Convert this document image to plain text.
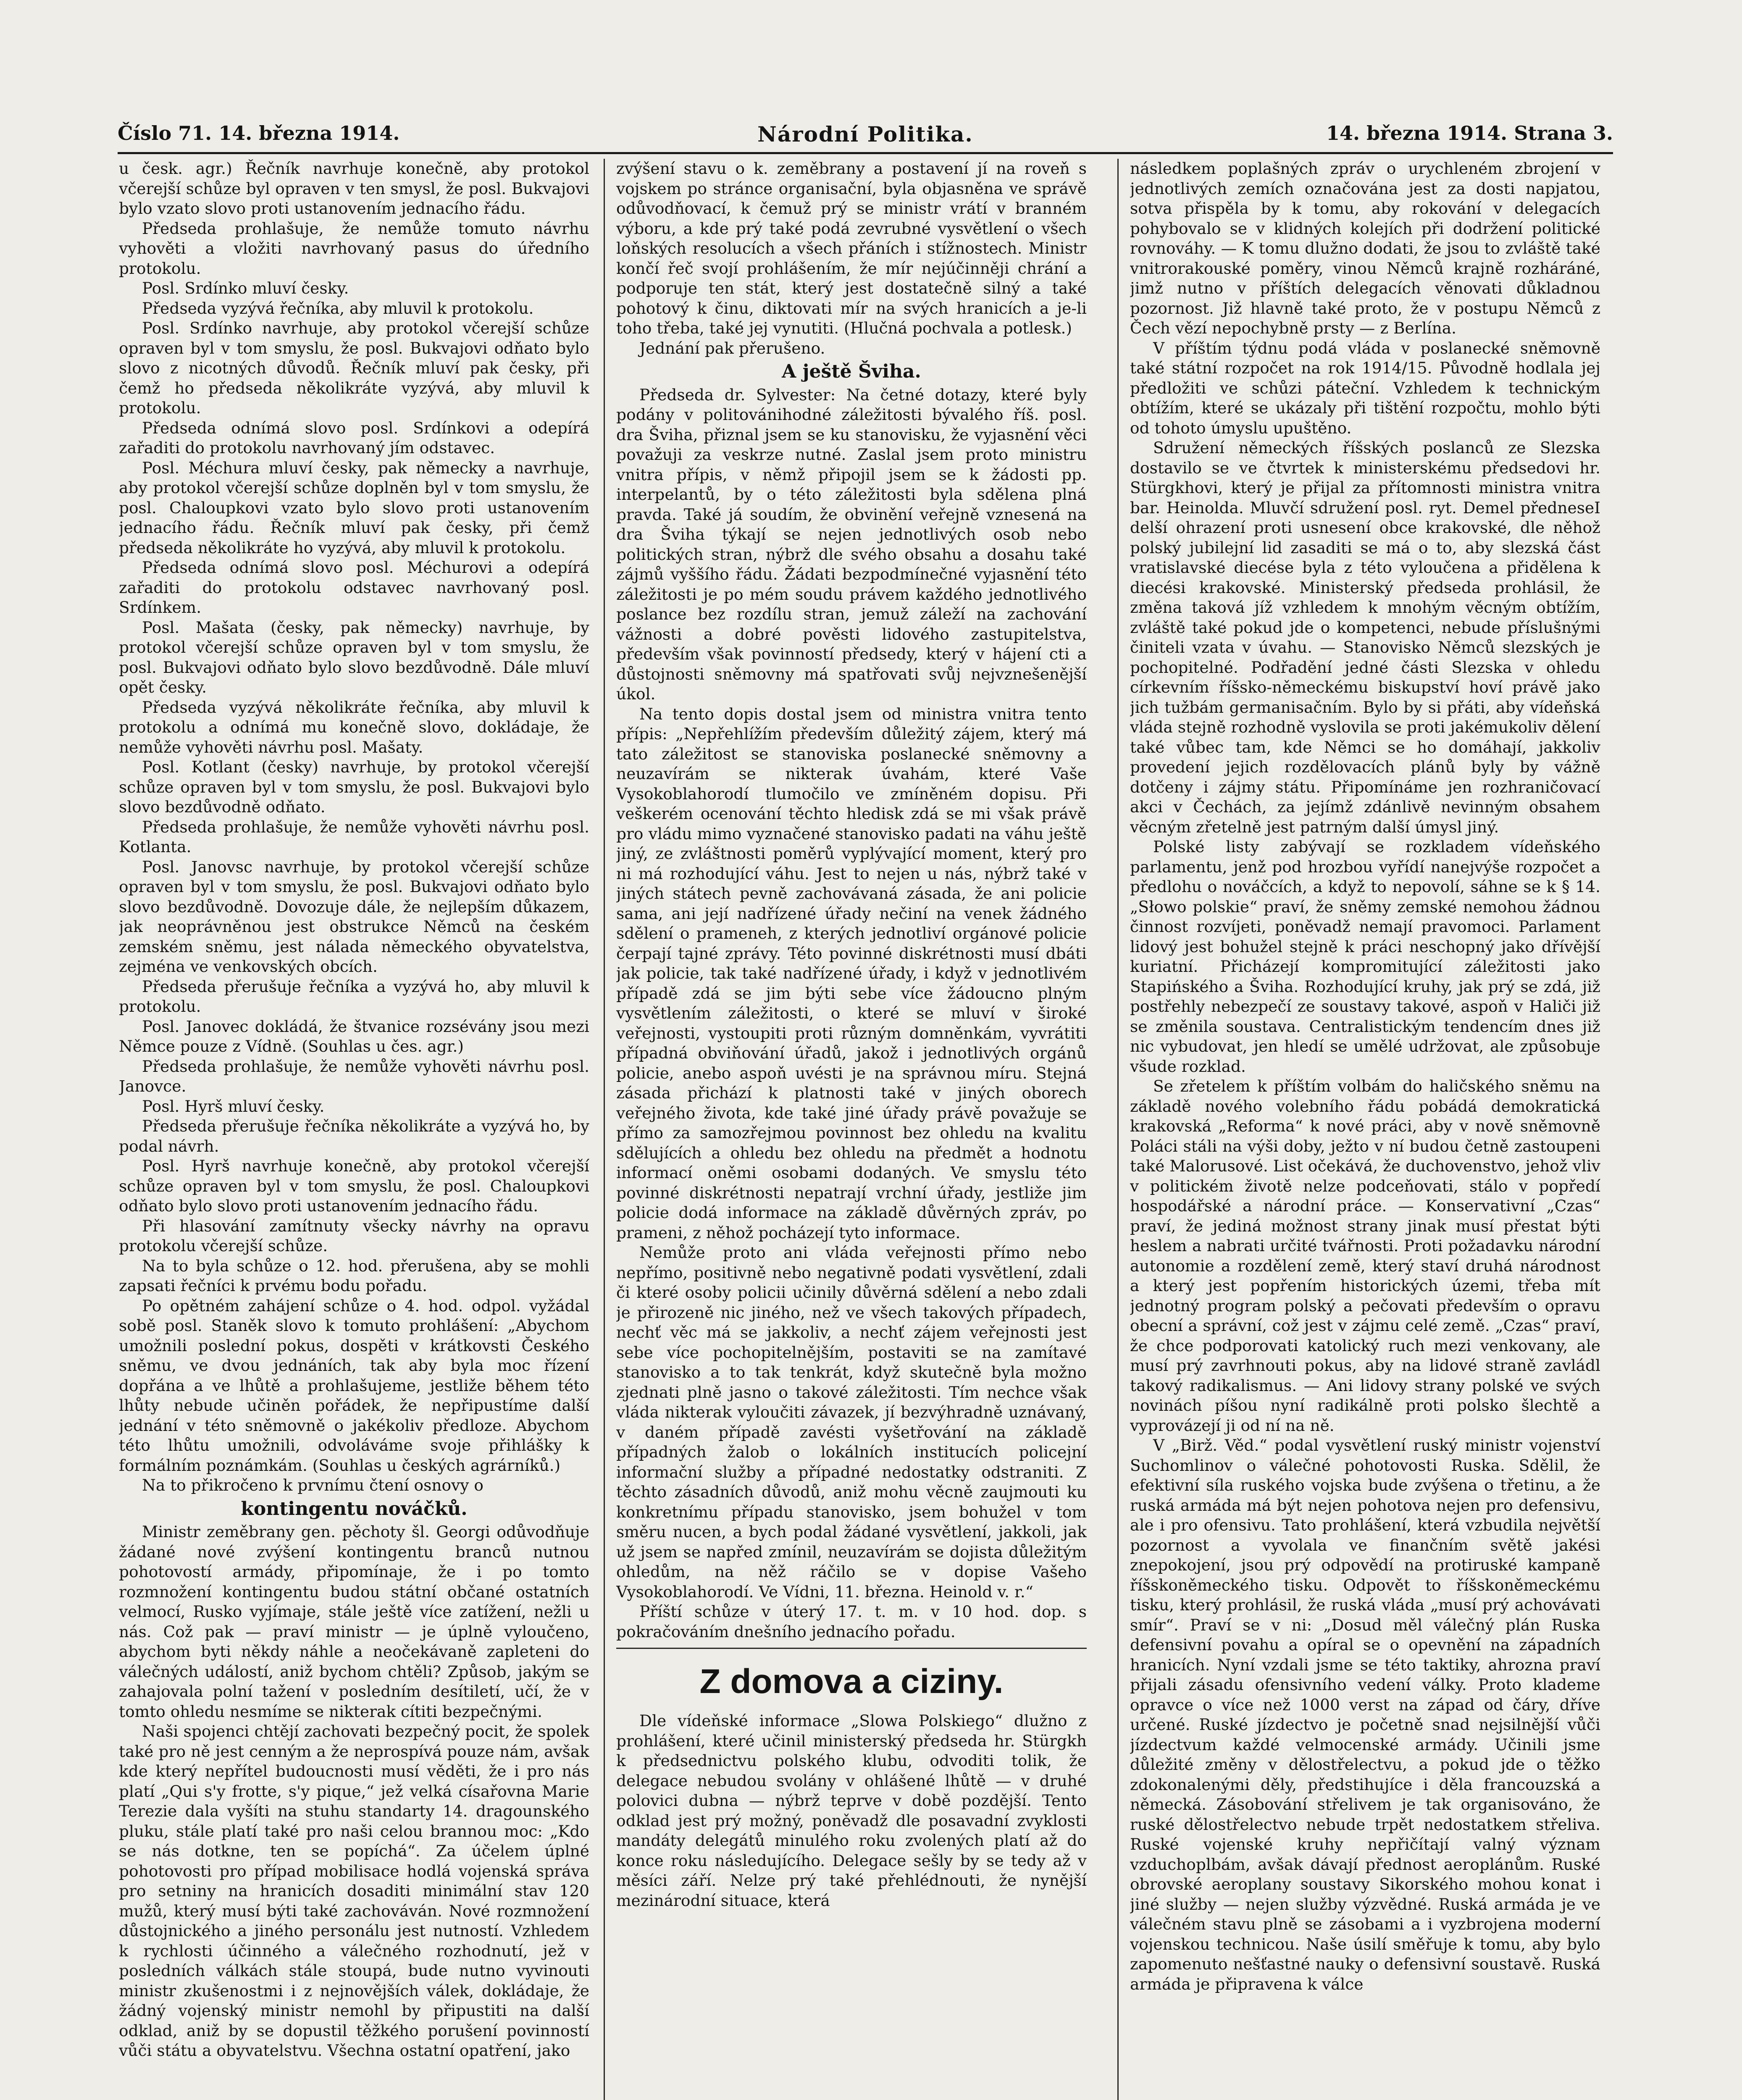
Číslo 71. 14. března 1914.	Národní Politika.	14. března 1914. Strana 3.

u česk. agr.) Řečník navrhuje konečně, aby protokol včerejší schůze byl opraven v ten smysl, že posl. Bukvajovi bylo vzato slovo proti ustanovením jednacího řádu.

Předseda prohlašuje, že nemůže tomuto návrhu vyhověti a vložiti navrhovaný pasus do úředního protokolu.

Posl. Srdínko mluví česky.

Předseda vyzývá řečníka, aby mluvil k protokolu.

Posl. Srdínko navrhuje, aby protokol včerejší schůze opraven byl v tom smyslu, že posl. Bukvajovi odňato bylo slovo z nicotných důvodů. Řečník mluví pak česky, při čemž ho předseda několikráte vyzývá, aby mluvil k protokolu.

Předseda odnímá slovo posl. Srdínkovi a odepírá zařaditi do protokolu navrhovaný jím odstavec.

Posl. Méchura mluví česky, pak německy a navrhuje, aby protokol včerejší schůze doplněn byl v tom smyslu, že posl. Chaloupkovi vzato bylo slovo proti ustanovením jednacího řádu. Řečník mluví pak česky, při čemž předseda několikráte ho vyzývá, aby mluvil k protokolu.

Předseda odnímá slovo posl. Méchurovi a odepírá zařaditi do protokolu odstavec navrhovaný posl. Srdínkem.

Posl. Mašata (česky, pak německy) navrhuje, by protokol včerejší schůze opraven byl v tom smyslu, že posl. Bukvajovi odňato bylo slovo bezdůvodně. Dále mluví opět česky.

Předseda vyzývá několikráte řečníka, aby mluvil k protokolu a odnímá mu konečně slovo, dokládaje, že nemůže vyhověti návrhu posl. Mašaty.

Posl. Kotlant (česky) navrhuje, by protokol včerejší schůze opraven byl v tom smyslu, že posl. Bukvajovi bylo slovo bezdůvodně odňato.

Předseda prohlašuje, že nemůže vyhověti návrhu posl. Kotlanta.

Posl. Janovsc navrhuje, by protokol včerejší schůze opraven byl v tom smyslu, že posl. Bukvajovi odňato bylo slovo bezdůvodně. Dovozuje dále, že nejlepším důkazem, jak neoprávněnou jest obstrukce Němců na českém zemském sněmu, jest nálada německého obyvatelstva, zejména ve venkovských obcích.

Předseda přerušuje řečníka a vyzývá ho, aby mluvil k protokolu.

Posl. Janovec dokládá, že štvanice rozsévány jsou mezi Němce pouze z Vídně. (Souhlas u čes. agr.)

Předseda prohlašuje, že nemůže vyhověti návrhu posl. Janovce.

Posl. Hyrš mluví česky.

Předseda přerušuje řečníka několikráte a vyzývá ho, by podal návrh.

Posl. Hyrš navrhuje konečně, aby protokol včerejší schůze opraven byl v tom smyslu, že posl. Chaloupkovi odňato bylo slovo proti ustanovením jednacího řádu.

Při hlasování zamítnuty všecky návrhy na opravu protokolu včerejší schůze.

Na to byla schůze o 12. hod. přerušena, aby se mohli zapsati řečníci k prvému bodu pořadu.

Po opětném zahájení schůze o 4. hod. odpol. vyžádal sobě posl. Staněk slovo k tomuto prohlášení: „Abychom umožnili poslední pokus, dospěti v krátkovsti Českého sněmu, ve dvou jednáních, tak aby byla moc řízení dopřána a ve lhůtě a prohlašujeme, jestliže během této lhůty nebude učiněn pořádek, že nepřipustíme další jednání v této sněmovně o jakékoliv předloze. Abychom této lhůtu umožnili, odvoláváme svoje přihlášky k formálním poznámkám. (Souhlas u českých agrárníků.)

Na to přikročeno k prvnímu čtení osnovy o

kontingentu nováčků.

Ministr zeměbrany gen. pěchoty šl. Georgi odůvodňuje žádané nové zvýšení kontingentu branců nutnou pohotovostí armády, připomínaje, že i po tomto rozmnožení kontingentu budou státní občané ostatních velmocí, Rusko vyjímaje, stále ještě více zatížení, nežli u nás. Což pak — praví ministr — je úplně vyloučeno, abychom byti někdy náhle a neočekávaně zapleteni do válečných událostí, aniž bychom chtěli? Způsob, jakým se zahajovala polní tažení v posledním desítiletí, učí, že v tomto ohledu nesmíme se nikterak cítiti bezpečnými.

Naši spojenci chtějí zachovati bezpečný pocit, že spolek také pro ně jest cenným a že neprospívá pouze nám, avšak kde který nepřítel budoucnosti musí věděti, že i pro nás platí „Qui s'y frotte, s'y pique,“ jež velká císařovna Marie Terezie dala vyšíti na stuhu standarty 14. dragounského pluku, stále platí také pro naši celou brannou moc: „Kdo se nás dotkne, ten se popíchá“. Za účelem úplné pohotovosti pro případ mobilisace hodlá vojenská správa pro setniny na hranicích dosaditi minimální stav 120 mužů, který musí býti také zachováván. Nové rozmnožení důstojnického a jiného personálu jest nutností. Vzhledem k rychlosti účinného a válečného rozhodnutí, jež v posledních válkách stále stoupá, bude nutno vyvinouti ministr zkušenostmi i z nejnovějších válek, dokládaje, že žádný vojenský ministr nemohl by připustiti na další odklad, aniž by se dopustil těžkého porušení povinností vůči státu a obyvatelstvu. Všechna ostatní opatření, jako

zvýšení stavu o k. zeměbrany a postavení jí na roveň s vojskem po stránce organisační, byla objasněna ve správě odůvodňovací, k čemuž prý se ministr vrátí v branném výboru, a kde prý také podá zevrubné vysvětlení o všech loňských resolucích a všech přáních i stížnostech. Ministr končí řeč svojí prohlášením, že mír nejúčinněji chrání a podporuje ten stát, který jest dostatečně silný a také pohotový k činu, diktovati mír na svých hranicích a je-li toho třeba, také jej vynutiti. (Hlučná pochvala a potlesk.)

Jednání pak přerušeno.

A ještě Švihа.

Předseda dr. Sylvester: Na četné dotazy, které byly podány v politovánihodné záležitosti bývalého říš. posl. dra Šviha, přiznal jsem se ku stanovisku, že vyjasnění věci považuji za veskrze nutné. Zaslal jsem proto ministru vnitra přípis, v němž připojil jsem se k žádosti pp. interpelantů, by o této záležitosti byla sdělena plná pravda. Také já soudím, že obvinění veřejně vznesená na dra Šviha týkají se nejen jednotlivých osob nebo politických stran, nýbrž dle svého obsahu a dosahu také zájmů vyššího řádu. Žádati bezpodmínečné vyjasnění této záležitosti je po mém soudu právem každého jednotlivého poslance bez rozdílu stran, jemuž záleží na zachování vážnosti a dobré pověsti lidového zastupitelstva, především však povinností předsedy, který v hájení cti a důstojnosti sněmovny má spatřovati svůj nejvznešenější úkol.

Na tento dopis dostal jsem od ministra vnitra tento přípis: „Nepřehlížím především důležitý zájem, který má tato záležitost se stanoviska poslanecké sněmovny a neuzavírám se nikterak úvahám, které Vaše Vysokoblahorodí tlumočilo ve zmíněném dopisu. Při veškerém ocenování těchto hledisk zdá se mi však právě pro vládu mimo vyznačené stanovisko padati na váhu ještě jiný, ze zvláštnosti poměrů vyplývající moment, který pro ni má rozhodující váhu. Jest to nejen u nás, nýbrž také v jiných státech pevně zachovávaná zásada, že ani policie sama, ani její nadřízené úřady nečiní na venek žádného sdělení o prameneh, z kterých jednotliví orgánové policie čerpají tajné zprávy. Této povinné diskrétnosti musí dbáti jak policie, tak také nadřízené úřady, i když v jednotlivém případě zdá se jim býti sebe více žádoucno plným vysvětlením záležitosti, o které se mluví v široké veřejnosti, vystoupiti proti různým domněnkám, vyvrátiti případná obviňování úřadů, jakož i jednotlivých orgánů policie, anebo aspoň uvésti je na správnou míru. Stejná zásada přichází k platnosti také v jiných oborech veřejného života, kde také jiné úřady právě považuje se přímo za samozřejmou povinnost bez ohledu na kvalitu sdělujících a ohledu bez ohledu na předmět a hodnotu informací oněmi osobami dodaných. Ve smyslu této povinné diskrétnosti nepatrají vrchní úřady, jestliže jim policie dodá informace na základě důvěrných zpráv, po pramenі, z něhož pocházejí tyto informace.

Nemůže proto ani vláda veřejnosti přímo nebo nepřímo, positivně nebo negativně podati vysvětlení, zdali či které osoby policii učinily důvěrná sdělení a nebo zdali je přirozeně nic jiného, než ve všech takových případech, nechť věc má se jakkoliv, a nechť zájem veřejnosti jest sebe více pochopitelnějším, postaviti se na zamítavé stanovisko a to tak tenkrát, když skutečně byla možno zjednati plně jasno o takové záležitosti. Tím nechce však vláda nikterak vyloučiti závazek, jí bezvýhradně uznávaný, v daném případě zavésti vyšetřování na základě případných žalob o lokálních institucích policejní informační služby a případné nedostatky odstraniti. Z těchto zásadních důvodů, aniž mohu věcně zaujmouti ku konkretnímu případu stanovisko, jsem bohužel v tom směru nucen, a bych podal žádané vysvětlení, jakkoli, jak už jsem se napřed zmínil, neuzavírám se dojista důležitým ohledům, na něž ráčilo se v dopise Vašeho Vysokoblahorodí. Ve Vídni, 11. března. Heinold v. r.“

Příští schůze v úterý 17. t. m. v 10 hod. dop. s pokračováním dnešního jednacího pořadu.

Z domova a ciziny.

Dle vídeňské informace „Slowa Polskiego“ dlužno z prohlášení, které učinil ministerský předseda hr. Stürgkh k předsednictvu polského klubu, odvoditi tolik, že delegace nebudou svolány v ohlášené lhůtě — v druhé polovici dubna — nýbrž teprve v době pozdější. Tento odklad jest prý možný, poněvadž dle posavadní zvyklosti mandáty delegátů minulého roku zvolených platí až do konce roku následujícího. Delegace sešly by se tedy až v měsíci září. Nelze prý také přehlédnouti, že nynější mezinárodní situace, která

následkem poplašných zpráv o urychleném zbrojení v jednotlivých zemích označována jest za dosti napjatou, sotva přispěla by k tomu, aby rokování v delegacích pohybovalo se v klidných kolejích při dodržení politické rovnováhy. — K tomu dlužno dodati, že jsou to zvláště také vnitrorakouské poměry, vinou Němců krajně rozháráné, jimž nutno v příštích delegacích věnovati důkladnou pozornost. Již hlavně také proto, že v postupu Němců z Čech vězí nepochybně prsty — z Berlína.

V příštím týdnu podá vláda v poslanecké sněmovně také státní rozpočet na rok 1914/15. Původně hodlala jej předložiti ve schůzi páteční. Vzhledem k technickým obtížím, které se ukázaly při tištění rozpočtu, mohlo býti od tohoto úmyslu upuštěno.

Sdružení německých říšských poslanců ze Slezska dostavilo se ve čtvrtek k ministerskému předsedovi hr. Stürgkhovi, který je přijal za přítomnosti ministra vnitra bar. Heinolda. Mluvčí sdružení posl. ryt. Demel předneseI delší ohrazení proti usnesení obce krakovské, dle něhož polský jubilejní lid zasaditi se má o to, aby slezská část vratislavské diecése byla z této vyloučena a přidělena k diecési krakovské. Ministerský předseda prohlásil, že změna taková jíž vzhledem k mnohým věcným obtížím, zvláště také pokud jde o kompetenci, nebude příslušnými činiteli vzata v úvahu. — Stanovisko Němců slezských je pochopitelné. Podřadění jedné části Slezska v ohledu církevním říšsko-německému biskupství hoví právě jako jich tužbám germanisačním. Bylo by si přáti, aby vídeňská vláda stejně rozhodně vyslovila se proti jakémukoliv dělení také vůbec tam, kde Němci se ho domáhají, jakkoliv provedení jejich rozdělovacích plánů byly by vážně dotčeny i zájmy státu. Připomínáme jen rozhraničovací akci v Čechách, za jejímž zdánlivě nevinným obsahem věcným zřetelně jest patrným další úmysl jiný.

Polské listy zabývají se rozkladem vídeňského parlamentu, jenž pod hrozbou vyřídí nanejvýše rozpočet a předlohu o nováčcích, a když to nepovolí, sáhne se k § 14. „Słowo polskie“ praví, že sněmy zemské nemohou žádnou činnost rozvíjeti, poněvadž nemají pravomoci. Parlament lidový jest bohužel stejně k práci neschopný jako dřívější kuriatní. Přicházejí kompromitující záležitosti jako Stapińského a Šviha. Rozhodující kruhy, jak prý se zdá, již postřehly nebezpečí ze soustavy takové, aspoň v Haliči již se změnila soustava. Centralistickým tendencím dnes již nic vybudovat, jen hledí se umělé udržovat, ale způsobuje všude rozklad.

Se zřetelem k příštím volbám do haličského sněmu na základě nového volebního řádu pobádá demokratická krakovská „Reforma“ k nové práci, aby v nově sněmovně Poláci stáli na výši doby, ježto v ní budou četně zastoupeni také Malorusové. List očekává, že duchovenstvo, jehož vliv v politickém životě nelze podceňovati, stálo v popředí hospodářské a národní práce. — Konservativní „Czas“ praví, že jediná možnost strany jinak musí přestat býti heslem a nabrati určité tvářnosti. Proti požadavku národní autonomie a rozdělení země, který staví druhá národnost a který jest popřením historických územi, třeba mít jednotný program polský a pečovati především o opravu obecní a správní, což jest v zájmu celé země. „Czas“ praví, že chce podporovati katolický ruch mezi venkovany, ale musí prý zavrhnouti pokus, aby na lidové straně zavládl takový radikalismus. — Ani lidovy strany polské ve svých novinách píšou nyní radikálně proti polsko šlechtě a vyprovázejí ji od ní na ně.

V „Birž. Věd.“ podal vysvětlení ruský ministr vojenství Suchomlinov o válečné pohotovosti Ruska. Sdělil, že efektivní síla ruského vojska bude zvýšena o třetinu, a že ruská armáda má být nejen pohotova nejen pro defensivu, ale i pro ofensivu. Tato prohlášení, která vzbudila největší pozornost a vyvolala ve finančním světě jakési znepokojení, jsou prý odpovědí na protiruské kampaně říšskoněmeckého tisku. Odpovět to říšskoněmeckému tisku, který prohlásil, že ruská vláda „musí prý achovávati smír“. Praví se v ni: „Dosud měl válečný plán Ruska defensivní povahu a opíral se o opevnění na západních hranicích. Nyní vzdali jsme se této taktiky, ahrozna praví přijali zásadu ofensivního vedení války. Proto klademe opravce o více než 1000 verst na západ od čáry, dříve určené. Ruské jízdectvo je početně snad nejsilnější vůči jízdectvum každé velmocenské armády. Učinili jsme důležité změny v dělostřelectvu, a pokud jde o těžko zdokonalenými děly, předstihujíce i děla francouzská a německá. Zásobování střelivem je tak organisováno, že ruské dělostřelectvo nebude trpět nedostatkem střeliva. Ruské vojenské kruhy nepřičítají valný význam vzduchoplbám, avšak dávají přednost aeroplánům. Ruské obrovské aeroplany soustavy Sikorského mohou konat i jiné služby — nejen služby výzvědné. Ruská armáda je ve válečném stavu plně se zásobami a i vyzbrojena moderní vojenskou technicou. Naše úsilí směřuje k tomu, aby bylo zapomenuto nešťastné nauky o defensivní soustavě. Ruská armáda je připravena k válce
